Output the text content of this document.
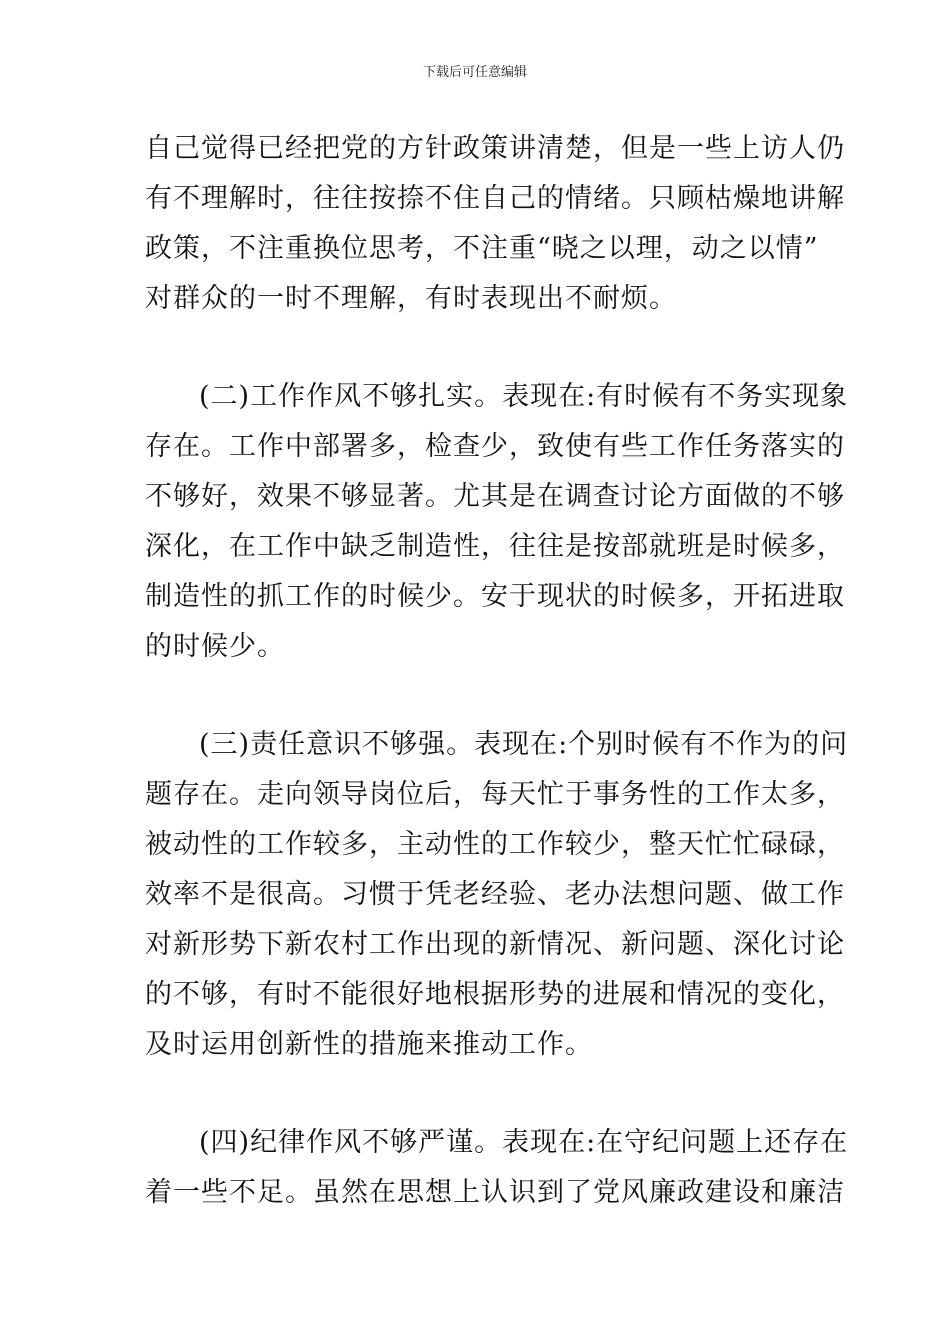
下载后可任意编辑

自己觉得已经把党的方针政策讲清楚，但是一些上访人仍
有不理解时，往往按捺不住自己的情绪。只顾枯燥地讲解
政策，不注重换位思考，不注重“晓之以理，动之以情”
对群众的一时不理解，有时表现出不耐烦。

(二)工作作风不够扎实。表现在:有时候有不务实现象
存在。工作中部署多，检查少，致使有些工作任务落实的
不够好，效果不够显著。尤其是在调查讨论方面做的不够
深化，在工作中缺乏制造性，往往是按部就班是时候多，
制造性的抓工作的时候少。安于现状的时候多，开拓进取
的时候少。

(三)责任意识不够强。表现在:个别时候有不作为的问
题存在。走向领导岗位后，每天忙于事务性的工作太多，
被动性的工作较多，主动性的工作较少，整天忙忙碌碌，
效率不是很高。习惯于凭老经验、老办法想问题、做工作
对新形势下新农村工作出现的新情况、新问题、深化讨论
的不够，有时不能很好地根据形势的进展和情况的变化，
及时运用创新性的措施来推动工作。

(四)纪律作风不够严谨。表现在:在守纪问题上还存在
着一些不足。虽然在思想上认识到了党风廉政建设和廉洁
